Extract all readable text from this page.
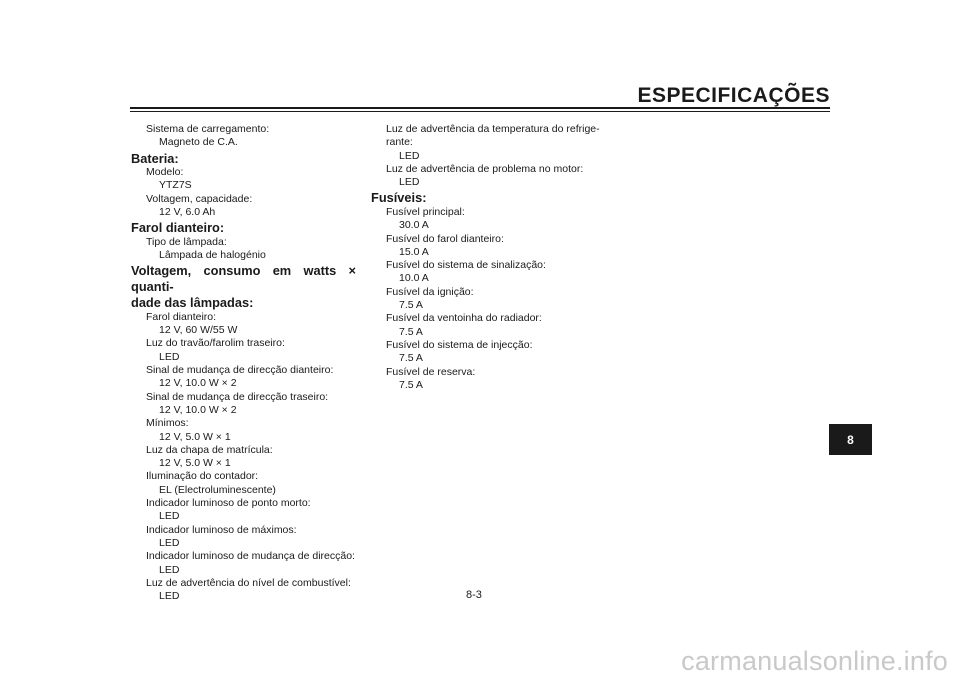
ESPECIFICAÇÕES
Sistema de carregamento:
Magneto de C.A.
Bateria:
Modelo:
YTZ7S
Voltagem, capacidade:
12 V, 6.0 Ah
Farol dianteiro:
Tipo de lâmpada:
Lâmpada de halogénio
Voltagem, consumo em watts × quanti-
dade das lâmpadas:
Farol dianteiro:
12 V, 60 W/55 W
Luz do travão/farolim traseiro:
LED
Sinal de mudança de direcção dianteiro:
12 V, 10.0 W × 2
Sinal de mudança de direcção traseiro:
12 V, 10.0 W × 2
Mínimos:
12 V, 5.0 W × 1
Luz da chapa de matrícula:
12 V, 5.0 W × 1
Iluminação do contador:
EL (Electroluminescente)
Indicador luminoso de ponto morto:
LED
Indicador luminoso de máximos:
LED
Indicador luminoso de mudança de direcção:
LED
Luz de advertência do nível de combustível:
LED
Luz de advertência da temperatura do refrige-
rante:
LED
Luz de advertência de problema no motor:
LED
Fusíveis:
Fusível principal:
30.0 A
Fusível do farol dianteiro:
15.0 A
Fusível do sistema de sinalização:
10.0 A
Fusível da ignição:
7.5 A
Fusível da ventoinha do radiador:
7.5 A
Fusível do sistema de injecção:
7.5 A
Fusível de reserva:
7.5 A
8-3
8
carmanualsonline.info
